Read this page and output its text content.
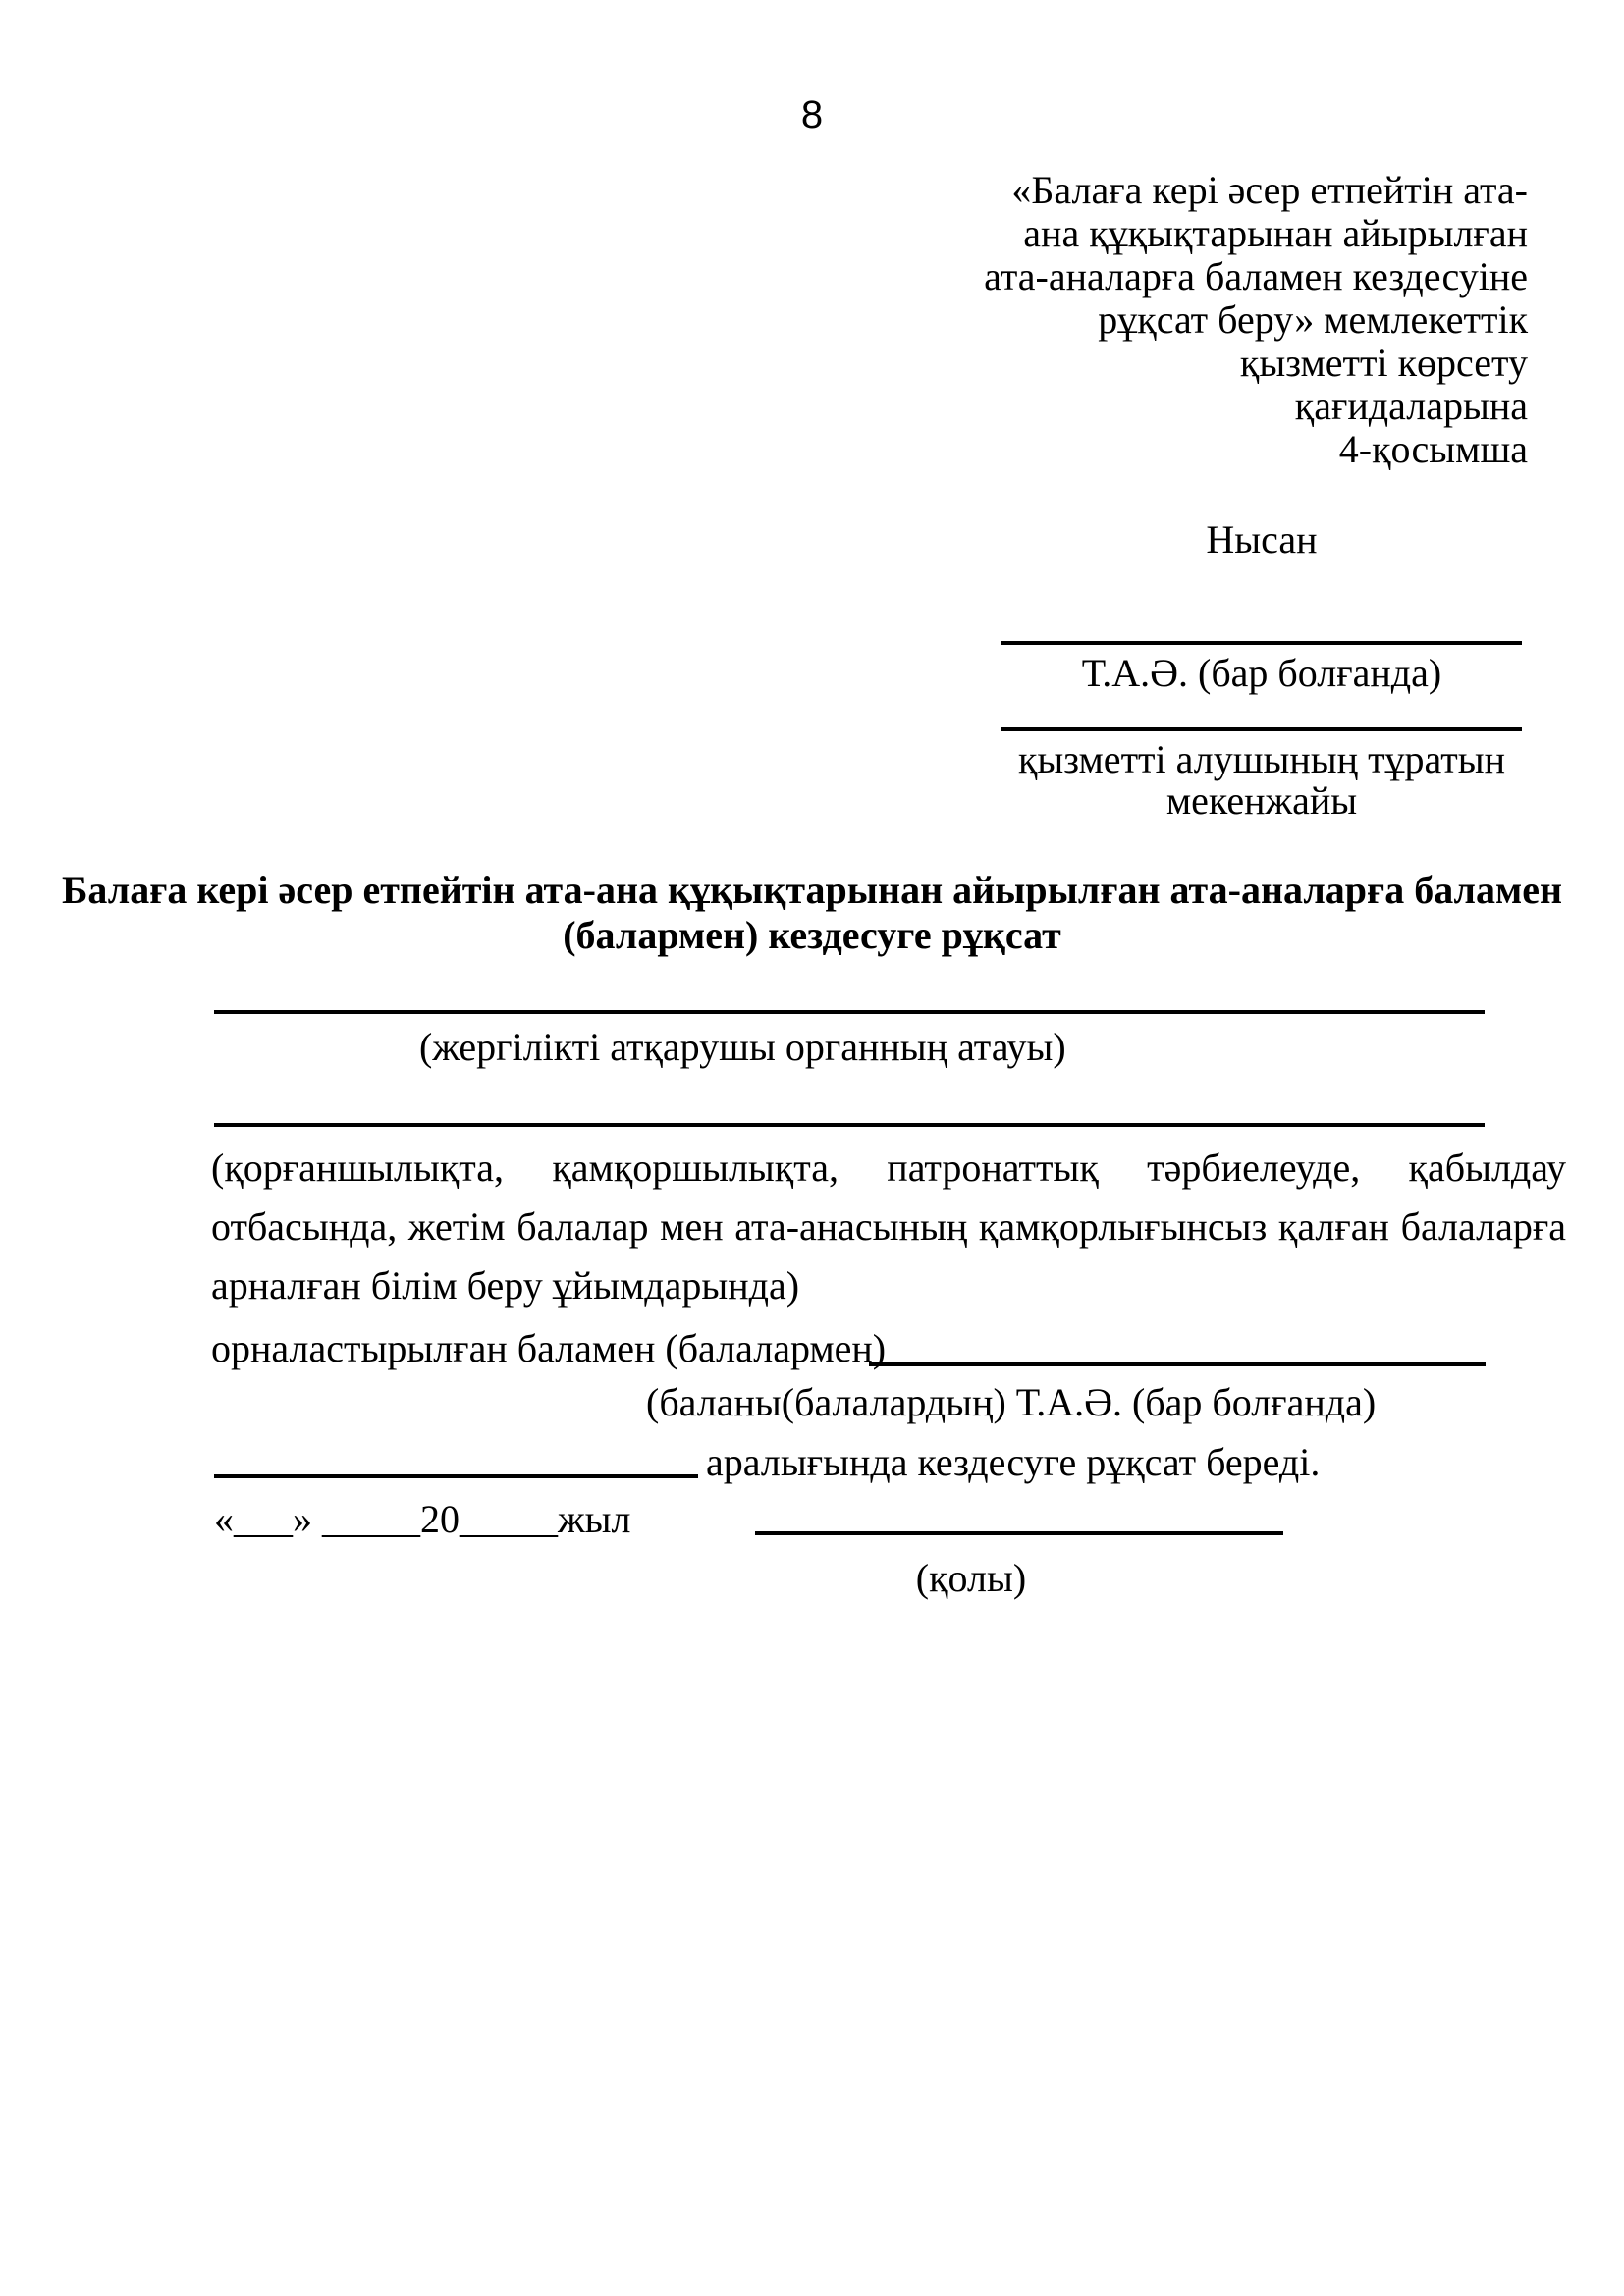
8
«Балаға кері әсер етпейтін ата-
ана құқықтарынан айырылған
ата-аналарға баламен кездесуіне
рұқсат беру» мемлекеттік
қызметті көрсету
қағидаларына
4-қосымша
Нысан
Т.А.Ә. (бар болғанда)
қызметті алушының тұратын мекенжайы
Балаға кері әсер етпейтін ата-ана құқықтарынан айырылған ата-аналарға баламен
(балармен) кездесуге рұқсат
(жергілікті атқарушы органның атауы)
(қорғаншылықта, қамқоршылықта, патронаттық тәрбиелеуде, қабылдау отбасында, жетім балалар мен ата-анасының қамқорлығынсыз қалған балаларға арналған білім беру ұйымдарында)
орналастырылған баламен (балалармен)
(баланы(балалардың) Т.А.Ә. (бар болғанда)
аралығында кездесуге рұқсат береді.
«___» _____20_____жыл
(қолы)
